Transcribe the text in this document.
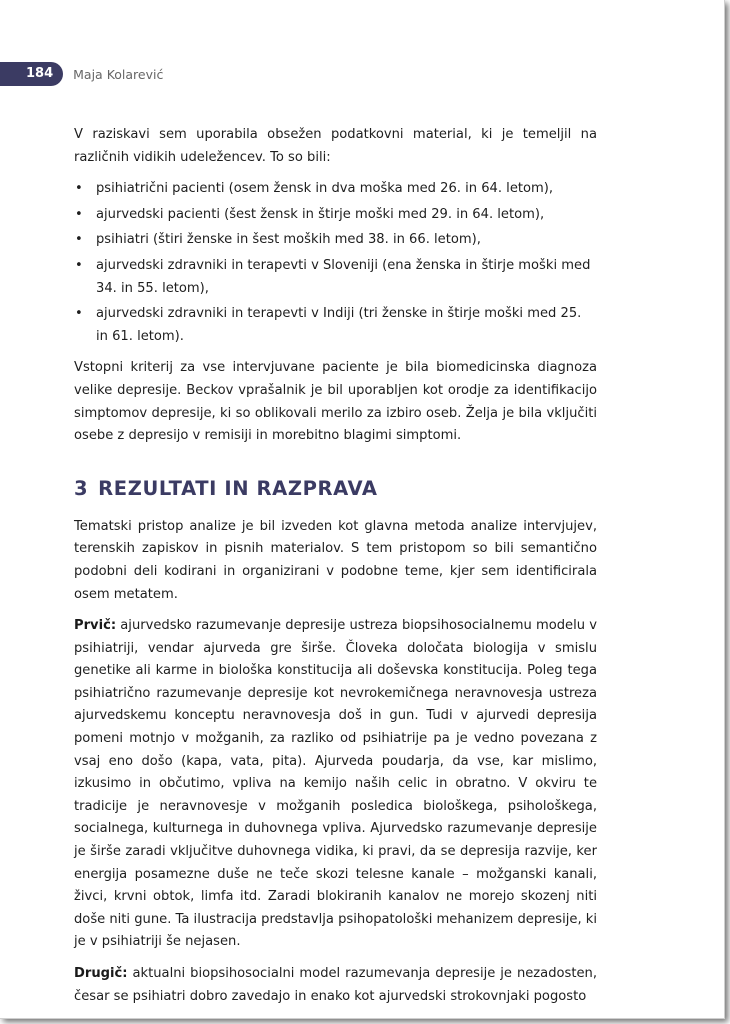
184	Maja Kolarević

V raziskavi sem uporabila obsežen podatkovni material, ki je temeljil na različnih vidikih udeležencev. To so bili:

• psihiatrični pacienti (osem žensk in dva moška med 26. in 64. letom),
• ajurvedski pacienti (šest žensk in štirje moški med 29. in 64. letom),
• psihiatri (štiri ženske in šest moških med 38. in 66. letom),
• ajurvedski zdravniki in terapevti v Sloveniji (ena ženska in štirje moški med 34. in 55. letom),
• ajurvedski zdravniki in terapevti v Indiji (tri ženske in štirje moški med 25. in 61. letom).

Vstopni kriterij za vse intervjuvane paciente je bila biomedicinska diagnoza velike depresije. Beckov vprašalnik je bil uporabljen kot orodje za identifikacijo simptomov depresije, ki so oblikovali merilo za izbiro oseb. Želja je bila vključiti osebe z depresijo v remisiji in morebitno blagimi simptomi.

3 REZULTATI IN RAZPRAVA

Tematski pristop analize je bil izveden kot glavna metoda analize intervjujev, terenskih zapiskov in pisnih materialov. S tem pristopom so bili semantično podobni deli kodirani in organizirani v podobne teme, kjer sem identificirala osem metatem.

Prvič: ajurvedsko razumevanje depresije ustreza biopsihosocialnemu modelu v psihiatriji, vendar ajurveda gre širše. Človeka določata biologija v smislu genetike ali karme in biološka konstitucija ali doševska konstitucija. Poleg tega psihiatrično razumevanje depresije kot nevrokemičnega neravnovesja ustreza ajurvedskemu konceptu neravnovesja doš in gun. Tudi v ajurvedi depresija pomeni motnjo v možganih, za razliko od psihiatrije pa je vedno povezana z vsaj eno došo (kapa, vata, pita). Ajurveda poudarja, da vse, kar mislimo, izkusimo in občutimo, vpliva na kemijo naših celic in obratno. V okviru te tradicije je neravnovesje v možganih posledica biološkega, psihološkega, socialnega, kulturnega in duhovnega vpliva. Ajurvedsko razumevanje depresije je širše zaradi vključitve duhovnega vidika, ki pravi, da se depresija razvije, ker energija posamezne duše ne teče skozi telesne kanale – možganski kanali, živci, krvni obtok, limfa itd. Zaradi blokiranih kanalov ne morejo skozenj niti doše niti gune. Ta ilustracija predstavlja psihopatološki mehanizem depresije, ki je v psihiatriji še nejasen.

Drugič: aktualni biopsihosocialni model razumevanja depresije je nezadosten, česar se psihiatri dobro zavedajo in enako kot ajurvedski strokovnjaki pogosto
